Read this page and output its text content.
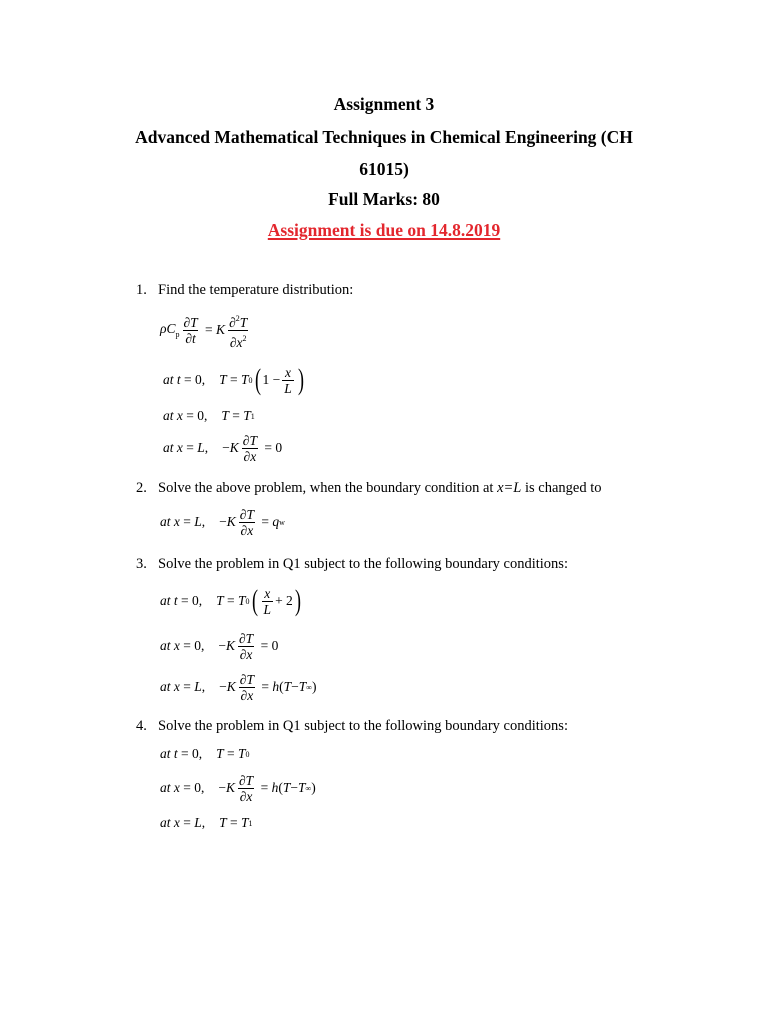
Assignment 3
Advanced Mathematical Techniques in Chemical Engineering (CH
61015)
Full Marks: 80
Assignment is due on 14.8.2019
1. Find the temperature distribution:
$\rho C_p \frac{\partial T}{\partial t} = K \frac{\partial^2T}{\partial x^2}$
at t = 0, T = T 0 ( $1 - \frac{x}{L}$ )
at x = 0, T = T 1
at x = L , − K $\frac{\partial T}{\partial x} = 0$
2. Solve the above problem, when the boundary condition at x=L is changed to
at x = L , − K $\frac{\partial T}{\partial x} = q$ w
3. Solve the problem in Q1 subject to the following boundary conditions:
at t = 0, T = T 0 ( $\frac{x}{L} + 2$ )
at x = 0, − K $\frac{\partial T}{\partial x} = 0$
at x = L , − K $\frac{\partial T}{\partial x} = h$ ( T − T ∞ )
4. Solve the problem in Q1 subject to the following boundary conditions:
at t = 0, T = T 0
at x = 0, − K $\frac{\partial T}{\partial x} = h$ ( T − T ∞ )
at x = L , T = T 1
